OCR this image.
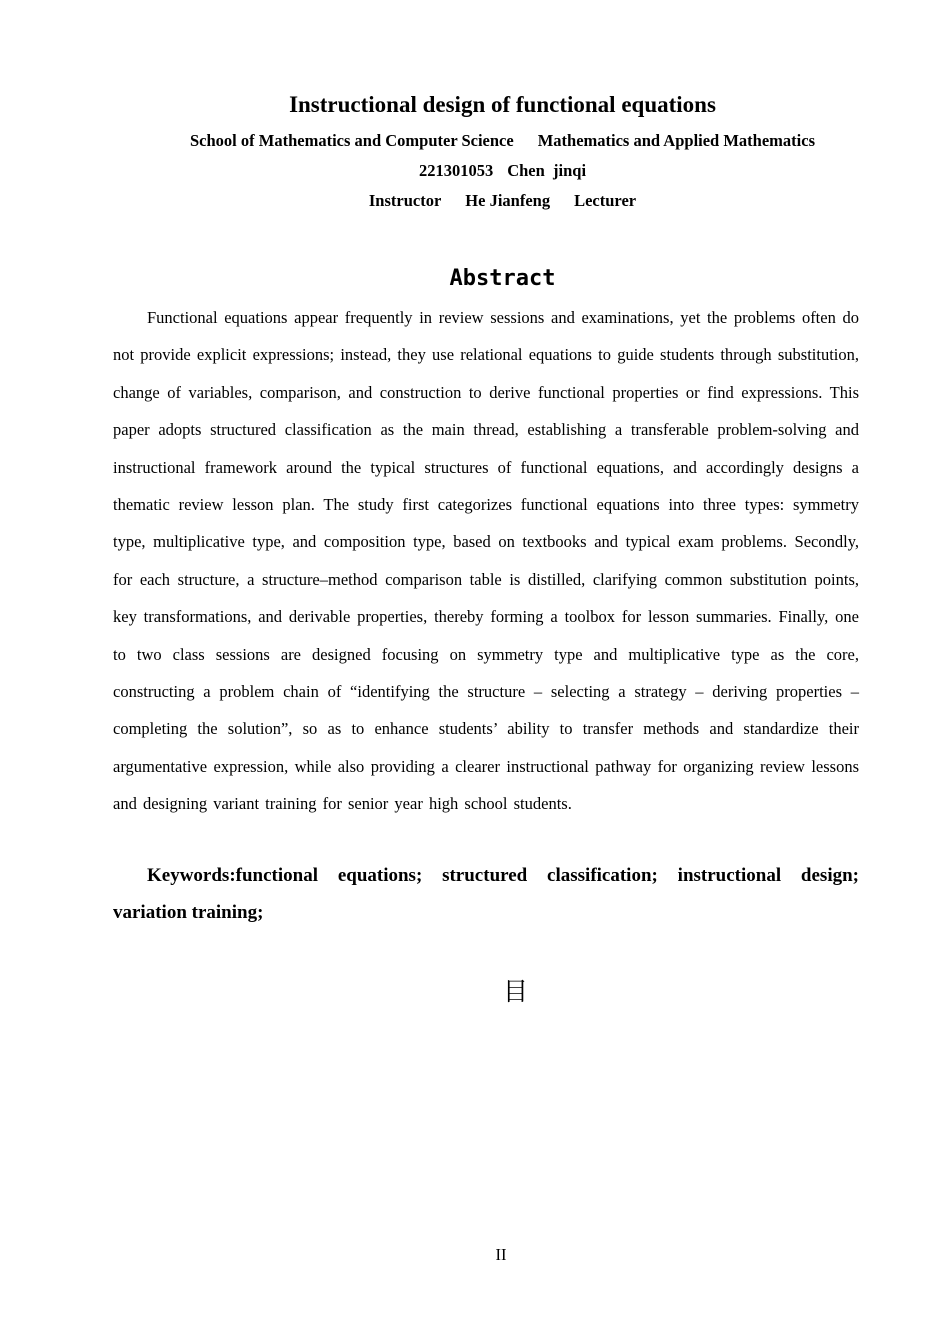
Instructional design of functional equations
School of Mathematics and Computer Science Mathematics and Applied Mathematics
221301053 Chen  jinqi
Instructor He Jianfeng Lecturer
Abstract

Functional equations appear frequently in review sessions and examinations, yet the problems often do not provide explicit expressions; instead, they use relational equations to guide students through substitution, change of variables, comparison, and construction to derive functional properties or find expressions. This paper adopts structured classification as the main thread, establishing a transferable problem-solving and instructional framework around the typical structures of functional equations, and accordingly designs a thematic review lesson plan. The study first categorizes functional equations into three types: symmetry type, multiplicative type, and composition type, based on textbooks and typical exam problems. Secondly, for each structure, a structure–method comparison table is distilled, clarifying common substitution points, key transformations, and derivable properties, thereby forming a toolbox for lesson summaries. Finally, one to two class sessions are designed focusing on symmetry type and multiplicative type as the core, constructing a problem chain of “identifying the structure – selecting a strategy – deriving properties – completing the solution”, so as to enhance students’ ability to transfer methods and standardize their argumentative expression, while also providing a clearer instructional pathway for organizing review lessons and designing variant training for senior year high school students.

Keywords:functional equations; structured classification; instructional design; variation training;

目
II
